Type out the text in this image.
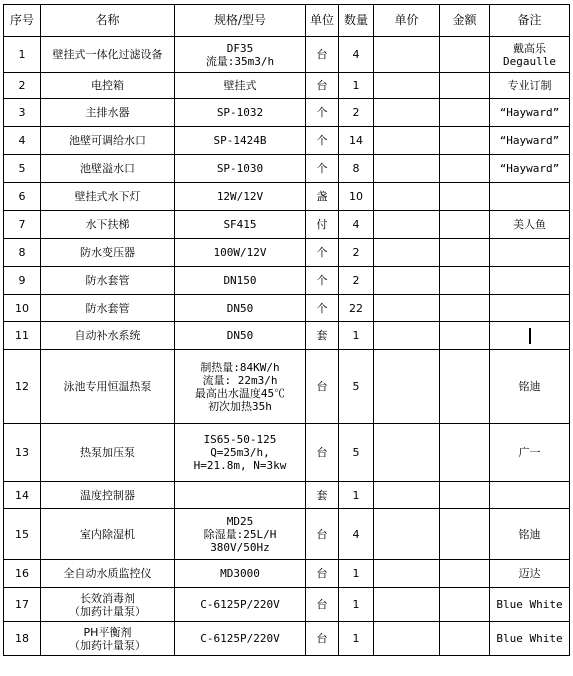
序号	名称	规格/型号	单位	数量	单价	金额	备注
1	壁挂式一体化过滤设备	DF35
流量:35m3/h	台	4			戴高乐
Degaulle

2	电控箱	壁挂式	台	1			专业订制

3	主排水器	SP-1032	个	2			“Hayward”

4	池壁可调给水口	SP-1424B	个	14			“Hayward”

5	池壁溢水口	SP-1030	个	8			“Hayward”

6	壁挂式水下灯	12W/12V	盏	10			
7	水下扶梯	SF415	付	4			美人鱼

8	防水变压器	100W/12V	个	2			
9	防水套管	DN150	个	2			
10	防水套管	DN50	个	22			
11	自动补水系统	DN50	套	1			
12	泳池专用恒温热泵	制热量:84KW/h
流量: 22m3/h
最高出水温度45℃
初次加热35h	台	5			铭迪

13	热泵加压泵	IS65-50-125
Q=25m3/h,
H=21.8m, N=3kw	台	5			广一

14	温度控制器		套	1			
15	室内除湿机	MD25
除湿量:25L/H
380V/50Hz	台	4			铭迪

16	全自动水质监控仪	MD3000	台	1			迈达

17	长效消毒剂
（加药计量泵）	C-6125P/220V	台	1			Blue White

18	PH平衡剂
（加药计量泵）	C-6125P/220V	台	1			Blue White
